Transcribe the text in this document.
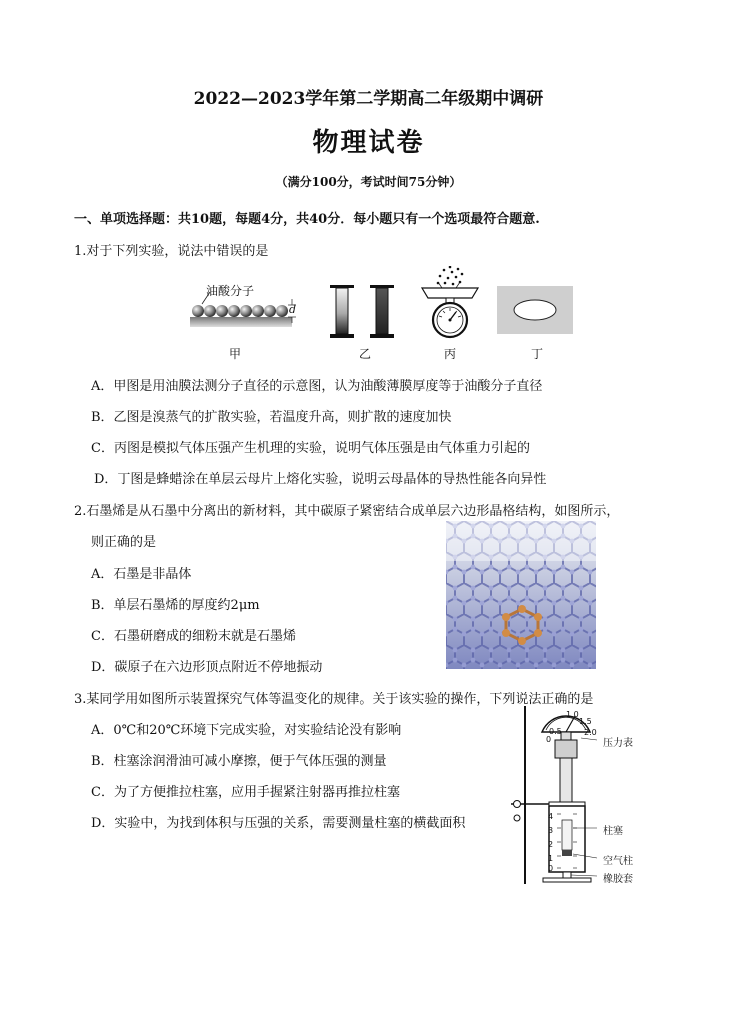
2022—2023学年第二学期高二年级期中调研
物理试卷
（满分100分，考试时间75分钟）
一、单项选择题：共10题，每题4分，共40分．每小题只有一个选项最符合题意.
1.对于下列实验，说法中错误的是
油酸分子
d
甲	乙	丙	丁
A．甲图是用油膜法测分子直径的示意图，认为油酸薄膜厚度等于油酸分子直径
B．乙图是溴蒸气的扩散实验，若温度升高，则扩散的速度加快
C．丙图是模拟气体压强产生机理的实验，说明气体压强是由气体重力引起的
D．丁图是蜂蜡涂在单层云母片上熔化实验，说明云母晶体的导热性能各向异性
2.石墨烯是从石墨中分离出的新材料，其中碳原子紧密结合成单层六边形晶格结构，如图所示，
则正确的是
A．石墨是非晶体
B．单层石墨烯的厚度约2μm
C．石墨研磨成的细粉末就是石墨烯
D．碳原子在六边形顶点附近不停地振动
3.某同学用如图所示装置探究气体等温变化的规律。关于该实验的操作，下列说法正确的是
A．0℃和20℃环境下完成实验，对实验结论没有影响
B．柱塞涂润滑油可减小摩擦，便于气体压强的测量
C．为了方便推拉柱塞，应用手握紧注射器再推拉柱塞
D．实验中，为找到体积与压强的关系，需要测量柱塞的横截面积
1.0
1.5
0.5	2.0
0
4
3
2
1
0
压力表
柱塞
空气柱
橡胶套
